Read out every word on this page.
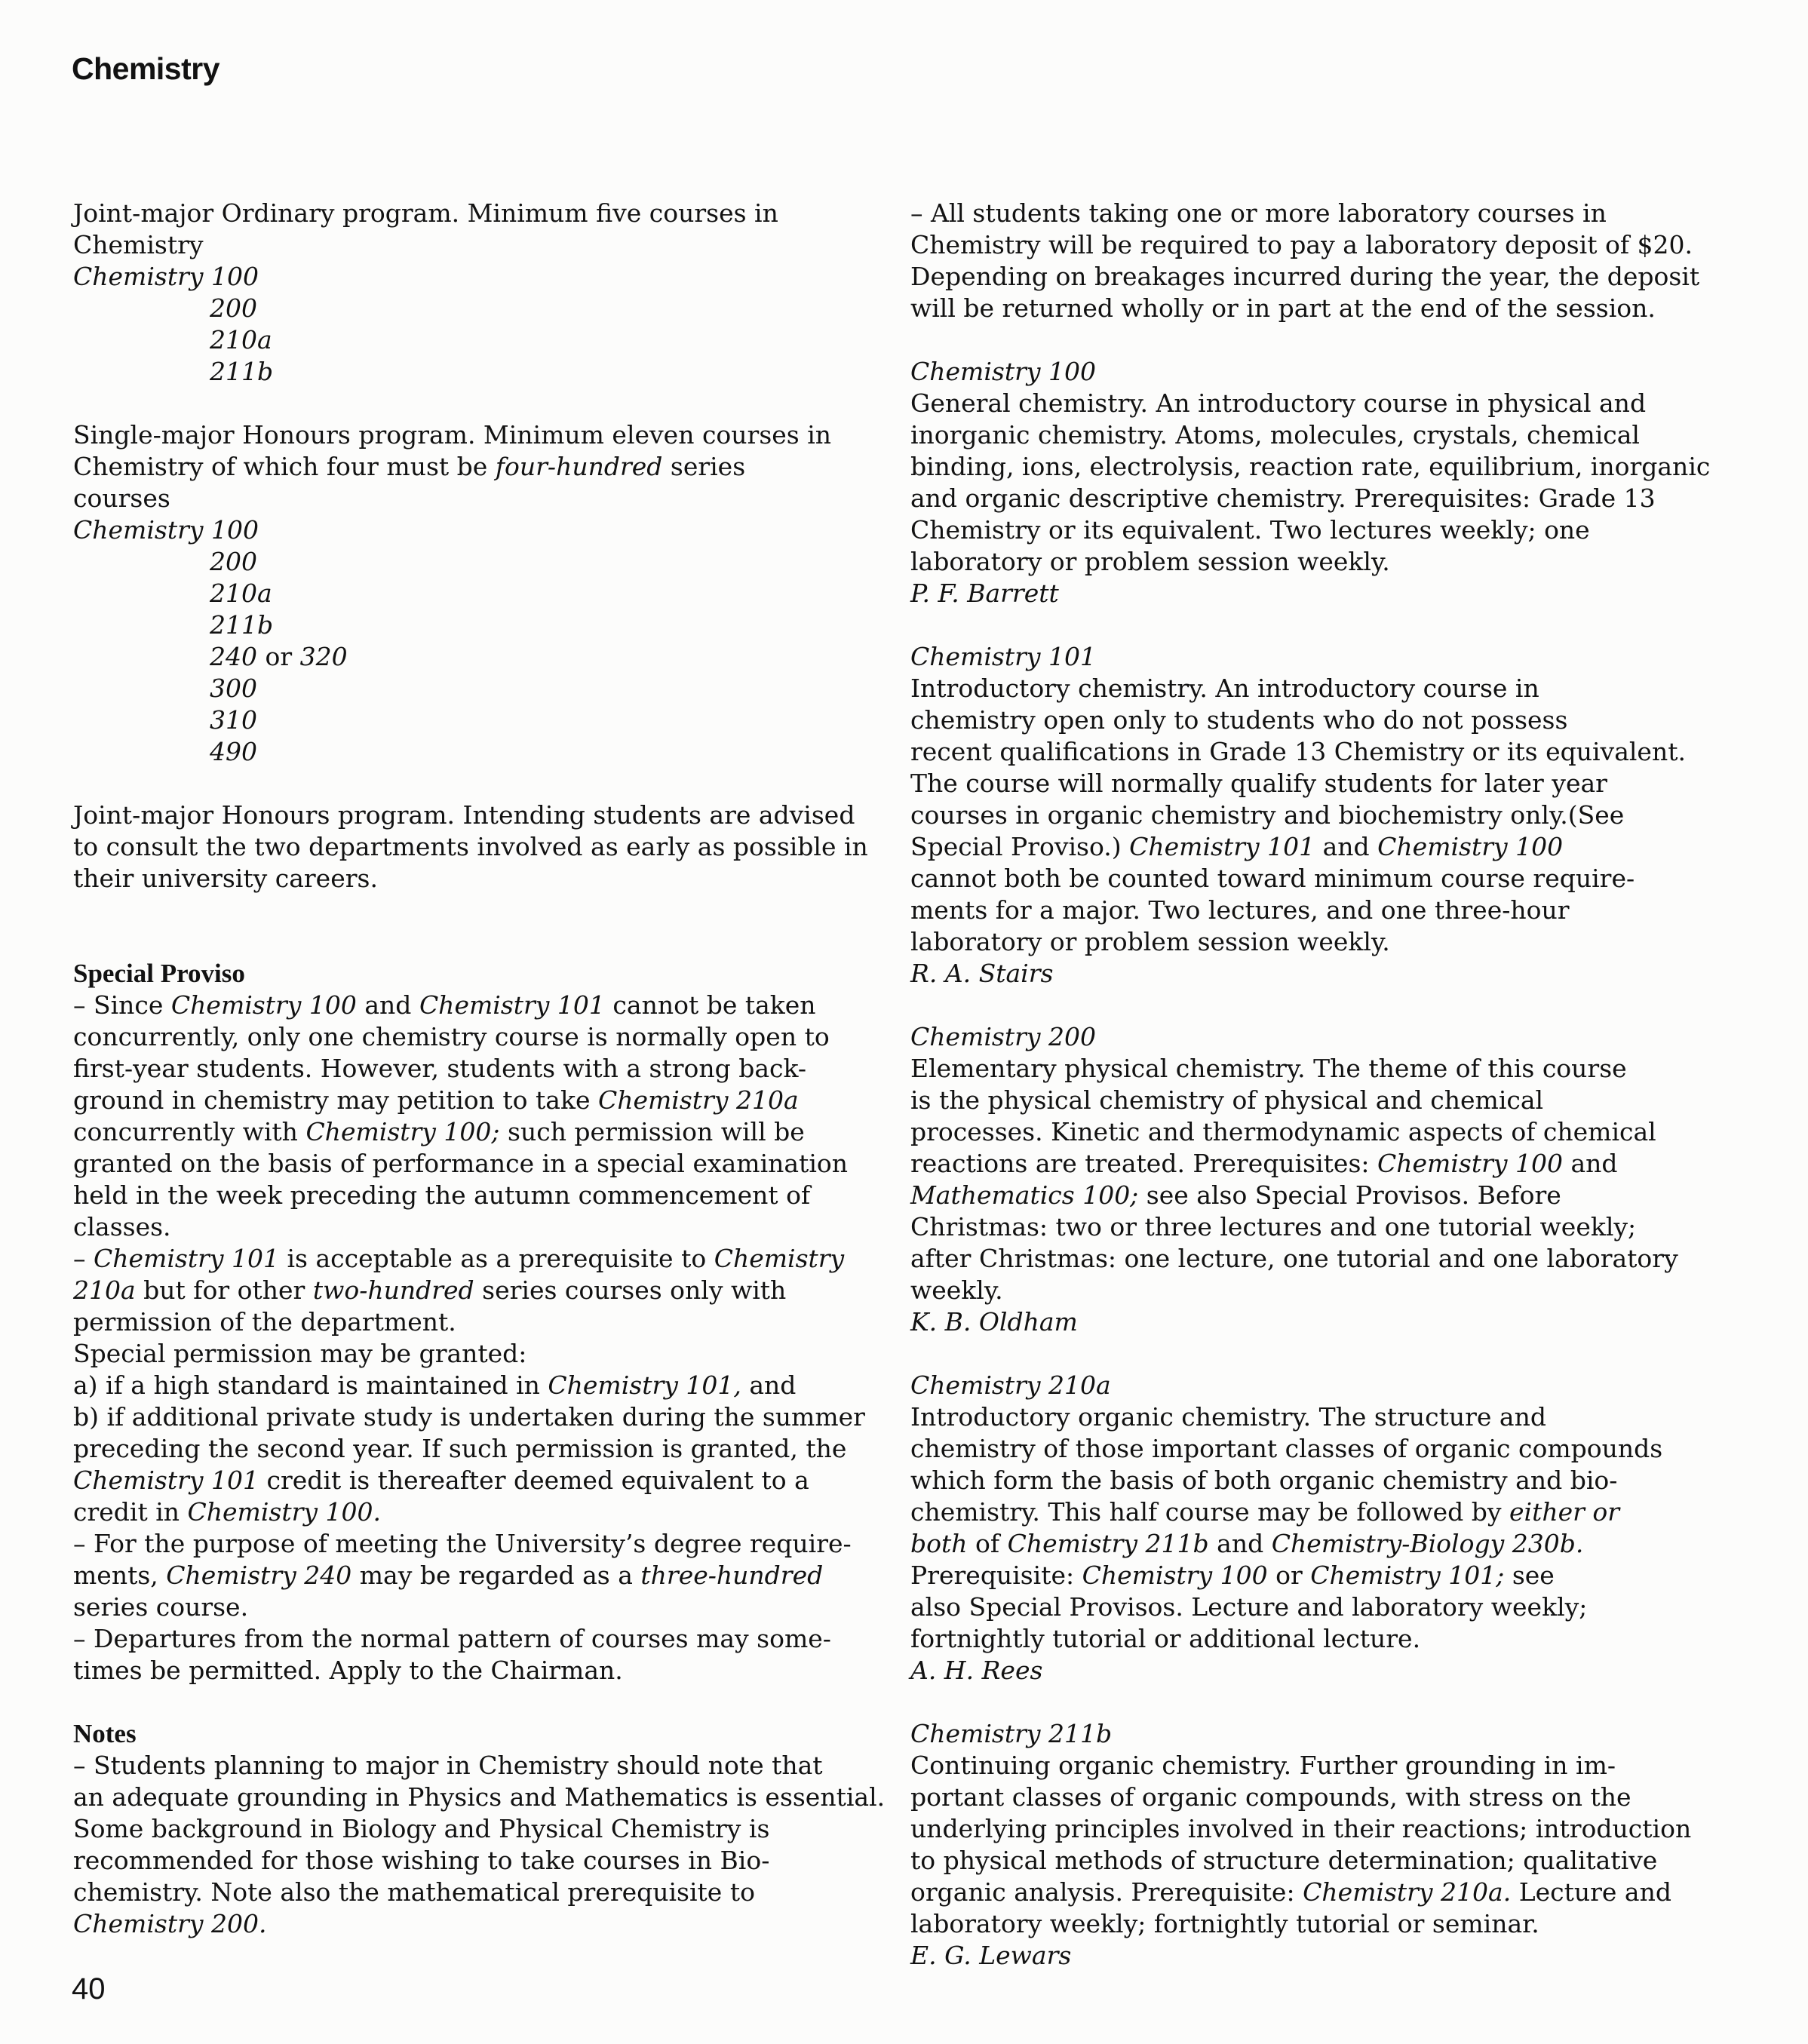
Chemistry
Joint-major Ordinary program. Minimum five courses in
Chemistry
Chemistry 100
200
210a
211b
Single-major Honours program. Minimum eleven courses in
Chemistry of which four must be four-hundred series
courses
Chemistry 100
200
210a
211b
240 or 320
300
310
490
Joint-major Honours program. Intending students are advised
to consult the two departments involved as early as possible in
their university careers.
Special Proviso
– Since Chemistry 100 and Chemistry 101 cannot be taken
concurrently, only one chemistry course is normally open to
first-year students. However, students with a strong back-
ground in chemistry may petition to take Chemistry 210a
concurrently with Chemistry 100; such permission will be
granted on the basis of performance in a special examination
held in the week preceding the autumn commencement of
classes.
– Chemistry 101 is acceptable as a prerequisite to Chemistry
210a but for other two-hundred series courses only with
permission of the department.
Special permission may be granted:
a) if a high standard is maintained in Chemistry 101, and
b) if additional private study is undertaken during the summer
preceding the second year. If such permission is granted, the
Chemistry 101 credit is thereafter deemed equivalent to a
credit in Chemistry 100.
– For the purpose of meeting the University’s degree require-
ments, Chemistry 240 may be regarded as a three-hundred
series course.
– Departures from the normal pattern of courses may some-
times be permitted. Apply to the Chairman.
Notes
– Students planning to major in Chemistry should note that
an adequate grounding in Physics and Mathematics is essential.
Some background in Biology and Physical Chemistry is
recommended for those wishing to take courses in Bio-
chemistry. Note also the mathematical prerequisite to
Chemistry 200.
– All students taking one or more laboratory courses in
Chemistry will be required to pay a laboratory deposit of $20.
Depending on breakages incurred during the year, the deposit
will be returned wholly or in part at the end of the session.
Chemistry 100
General chemistry. An introductory course in physical and
inorganic chemistry. Atoms, molecules, crystals, chemical
binding, ions, electrolysis, reaction rate, equilibrium, inorganic
and organic descriptive chemistry. Prerequisites: Grade 13
Chemistry or its equivalent. Two lectures weekly; one
laboratory or problem session weekly.
P. F. Barrett
Chemistry 101
Introductory chemistry. An introductory course in
chemistry open only to students who do not possess
recent qualifications in Grade 13 Chemistry or its equivalent.
The course will normally qualify students for later year
courses in organic chemistry and biochemistry only.(See
Special Proviso.) Chemistry 101 and Chemistry 100
cannot both be counted toward minimum course require-
ments for a major. Two lectures, and one three-hour
laboratory or problem session weekly.
R. A. Stairs
Chemistry 200
Elementary physical chemistry. The theme of this course
is the physical chemistry of physical and chemical
processes. Kinetic and thermodynamic aspects of chemical
reactions are treated. Prerequisites: Chemistry 100 and
Mathematics 100; see also Special Provisos. Before
Christmas: two or three lectures and one tutorial weekly;
after Christmas: one lecture, one tutorial and one laboratory
weekly.
K. B. Oldham
Chemistry 210a
Introductory organic chemistry. The structure and
chemistry of those important classes of organic compounds
which form the basis of both organic chemistry and bio-
chemistry. This half course may be followed by either or
both of Chemistry 211b and Chemistry-Biology 230b.
Prerequisite: Chemistry 100 or Chemistry 101; see
also Special Provisos. Lecture and laboratory weekly;
fortnightly tutorial or additional lecture.
A. H. Rees
Chemistry 211b
Continuing organic chemistry. Further grounding in im-
portant classes of organic compounds, with stress on the
underlying principles involved in their reactions; introduction
to physical methods of structure determination; qualitative
organic analysis. Prerequisite: Chemistry 210a. Lecture and
laboratory weekly; fortnightly tutorial or seminar.
E. G. Lewars
40
